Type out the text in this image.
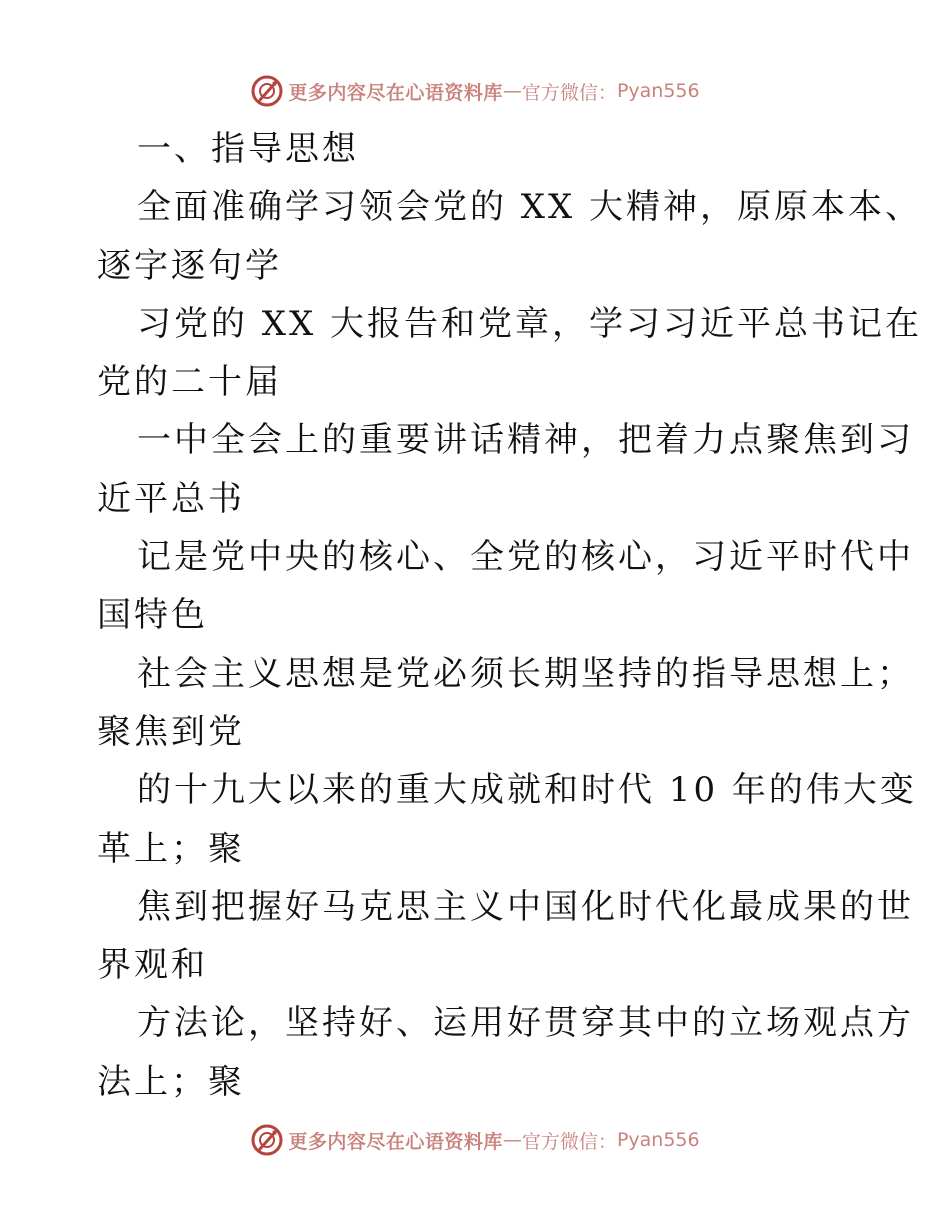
更多内容尽在心语资料库 — 官方微信： Pyan556
一、指导思想
全面准确学习领会党的 XX 大精神，原原本本、
逐字逐句学
习党的 XX 大报告和党章，学习习近平总书记在
党的二十届
一中全会上的重要讲话精神，把着力点聚焦到习
近平总书
记是党中央的核心、全党的核心，习近平时代中
国特色
社会主义思想是党必须长期坚持的指导思想上；
聚焦到党
的十九大以来的重大成就和时代 10 年的伟大变
革上；聚
焦到把握好马克思主义中国化时代化最成果的世
界观和
方法论，坚持好、运用好贯穿其中的立场观点方
法上；聚
更多内容尽在心语资料库 — 官方微信： Pyan556
